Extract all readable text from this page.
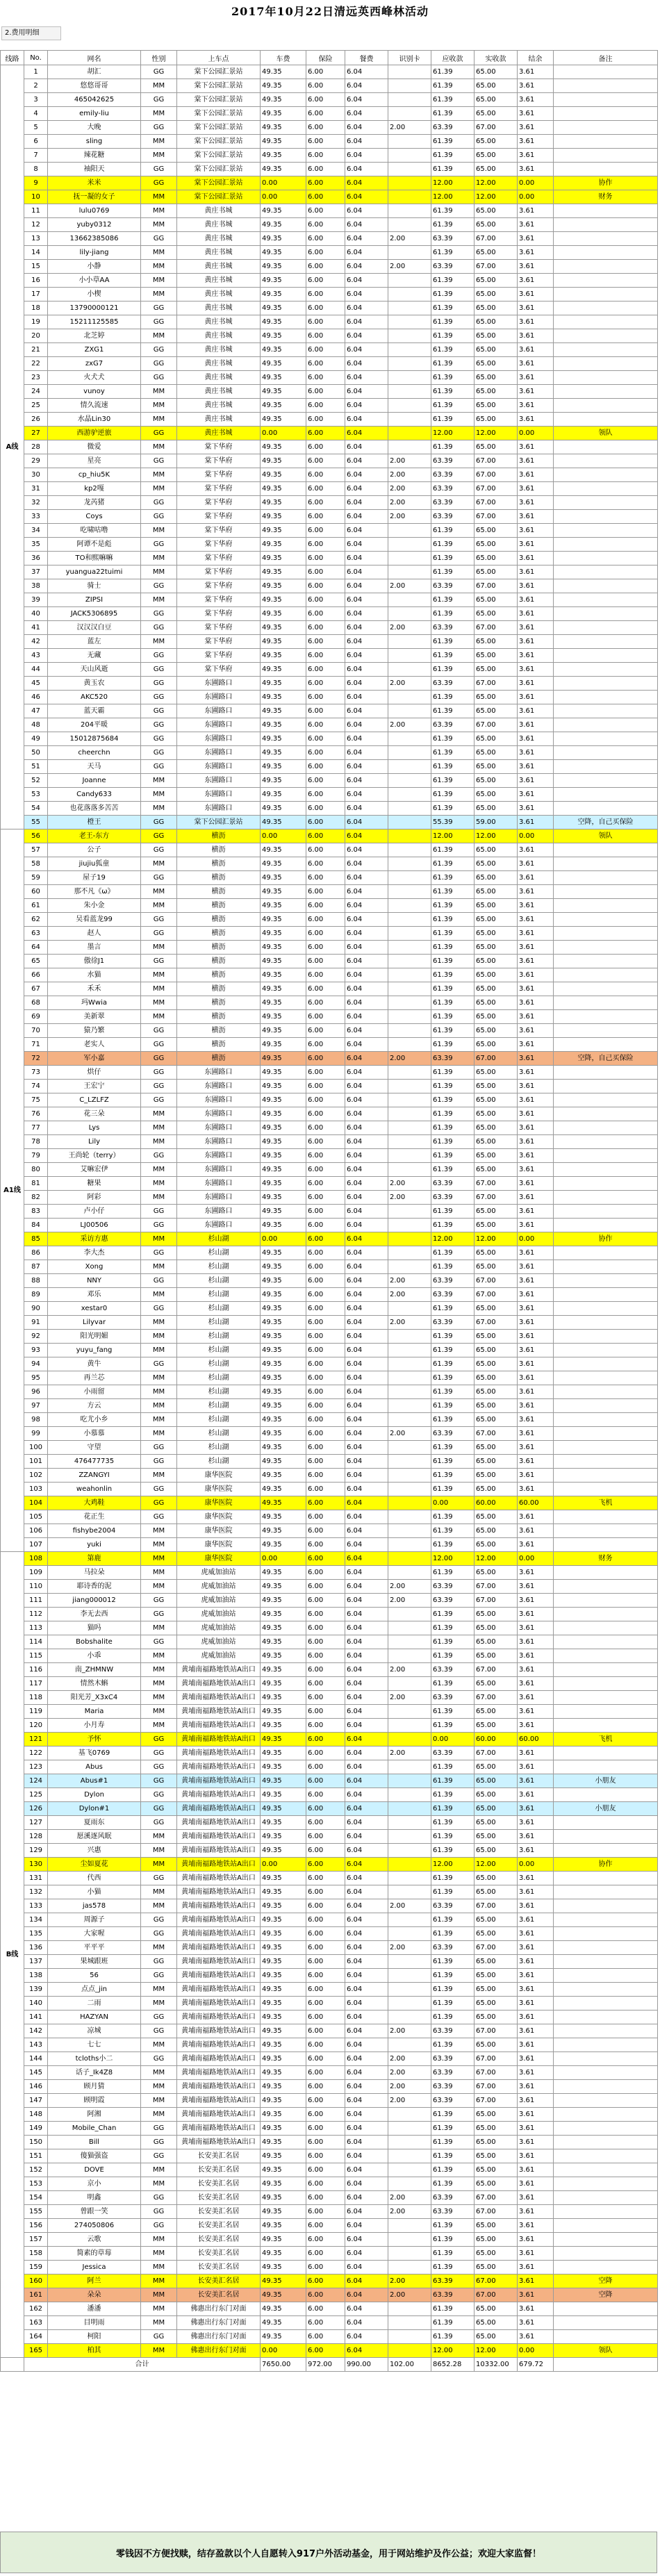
2017年10月22日清远英西峰林活动
2.费用明细
线路	No.	网名	性别	上车点	车费	保险	餐费	识别卡	应收款	实收款	结余	备注
A线	1	胡汇	GG	棠下公园汇景站	49.35	6.00	6.04		61.39	65.00	3.61	
	2	悠悠哥哥	MM	棠下公园汇景站	49.35	6.00	6.04		61.39	65.00	3.61	
	3	465042625	GG	棠下公园汇景站	49.35	6.00	6.04		61.39	65.00	3.61	
	4	emily-liu	MM	棠下公园汇景站	49.35	6.00	6.04		61.39	65.00	3.61	
	5	大晚	GG	棠下公园汇景站	49.35	6.00	6.04	2.00	63.39	67.00	3.61	
	6	sling	MM	棠下公园汇景站	49.35	6.00	6.04		61.39	65.00	3.61	
	7	辣花糖	MM	棠下公园汇景站	49.35	6.00	6.04		61.39	65.00	3.61	
	8	袖阳天	GG	棠下公园汇景站	49.35	6.00	6.04		61.39	65.00	3.61	
	9	米米	GG	棠下公园汇景站	0.00	6.00	6.04		12.00	12.00	0.00	协作
	10	抚一凝的女子	MM	棠下公园汇景站	0.00	6.00	6.04		12.00	12.00	0.00	财务
	11	lulu0769	MM	黄庄书城	49.35	6.00	6.04		61.39	65.00	3.61	
	12	yuby0312	MM	黄庄书城	49.35	6.00	6.04		61.39	65.00	3.61	
	13	13662385086	GG	黄庄书城	49.35	6.00	6.04	2.00	63.39	67.00	3.61	
	14	lily-jiang	MM	黄庄书城	49.35	6.00	6.04		61.39	65.00	3.61	
	15	小静	MM	黄庄书城	49.35	6.00	6.04	2.00	63.39	67.00	3.61	
	16	小小草AA	MM	黄庄书城	49.35	6.00	6.04		61.39	65.00	3.61	
	17	小楔	MM	黄庄书城	49.35	6.00	6.04		61.39	65.00	3.61	
	18	13790000121	GG	黄庄书城	49.35	6.00	6.04		61.39	65.00	3.61	
	19	15211125585	GG	黄庄书城	49.35	6.00	6.04		61.39	65.00	3.61	
	20	北芝婷	MM	黄庄书城	49.35	6.00	6.04		61.39	65.00	3.61	
	21	ZXG1	GG	黄庄书城	49.35	6.00	6.04		61.39	65.00	3.61	
	22	zxG7	GG	黄庄书城	49.35	6.00	6.04		61.39	65.00	3.61	
	23	火犬犬	GG	黄庄书城	49.35	6.00	6.04		61.39	65.00	3.61	
	24	vunoy	MM	黄庄书城	49.35	6.00	6.04		61.39	65.00	3.61	
	25	情久流速	MM	黄庄书城	49.35	6.00	6.04		61.39	65.00	3.61	
	26	水晶Lin30	MM	黄庄书城	49.35	6.00	6.04		61.39	65.00	3.61	
	27	西游驴逆旅	GG	黄庄书城	0.00	6.00	6.04		12.00	12.00	0.00	领队
	28	微爱	MM	棠下华府	49.35	6.00	6.04		61.39	65.00	3.61	
	29	星亮	GG	棠下华府	49.35	6.00	6.04	2.00	63.39	67.00	3.61	
	30	cp_hiu5K	MM	棠下华府	49.35	6.00	6.04	2.00	63.39	67.00	3.61	
	31	kp2嘎	MM	棠下华府	49.35	6.00	6.04	2.00	63.39	67.00	3.61	
	32	龙芮猪	GG	棠下华府	49.35	6.00	6.04	2.00	63.39	67.00	3.61	
	33	Coys	GG	棠下华府	49.35	6.00	6.04	2.00	63.39	67.00	3.61	
	34	吃啸咕噜	MM	棠下华府	49.35	6.00	6.04		61.39	65.00	3.61	
	35	阿谭不是彪	GG	棠下华府	49.35	6.00	6.04		61.39	65.00	3.61	
	36	TO和熙嘛嘛	MM	棠下华府	49.35	6.00	6.04		61.39	65.00	3.61	
	37	yuangua22tuimi	MM	棠下华府	49.35	6.00	6.04		61.39	65.00	3.61	
	38	骑士	GG	棠下华府	49.35	6.00	6.04	2.00	63.39	67.00	3.61	
	39	ZIPSI	MM	棠下华府	49.35	6.00	6.04		61.39	65.00	3.61	
	40	JACK5306895	GG	棠下华府	49.35	6.00	6.04		61.39	65.00	3.61	
	41	汉汉汉白豆	GG	棠下华府	49.35	6.00	6.04	2.00	63.39	67.00	3.61	
	42	蓝左	MM	棠下华府	49.35	6.00	6.04		61.39	65.00	3.61	
	43	无藏	GG	棠下华府	49.35	6.00	6.04		61.39	65.00	3.61	
	44	天山风逝	GG	棠下华府	49.35	6.00	6.04		61.39	65.00	3.61	
	45	黄玉农	GG	东圃路口	49.35	6.00	6.04	2.00	63.39	67.00	3.61	
	46	AKC520	GG	东圃路口	49.35	6.00	6.04		61.39	65.00	3.61	
	47	蓝天霸	GG	东圃路口	49.35	6.00	6.04		61.39	65.00	3.61	
	48	204平暖	GG	东圃路口	49.35	6.00	6.04	2.00	63.39	67.00	3.61	
	49	15012875684	GG	东圃路口	49.35	6.00	6.04		61.39	65.00	3.61	
	50	cheerchn	GG	东圃路口	49.35	6.00	6.04		61.39	65.00	3.61	
	51	天马	GG	东圃路口	49.35	6.00	6.04		61.39	65.00	3.61	
	52	Joanne	MM	东圃路口	49.35	6.00	6.04		61.39	65.00	3.61	
	53	Candy633	MM	东圃路口	49.35	6.00	6.04		61.39	65.00	3.61	
	54	也花落落多苦苦	MM	东圃路口	49.35	6.00	6.04		61.39	65.00	3.61	
	55	橙王	GG	棠下公园汇景站	49.35	6.00	6.04		55.39	59.00	3.61	空降，自己买保险
A1线	56	老王-东方	GG	横沥	0.00	6.00	6.04		12.00	12.00	0.00	领队
	57	公子	GG	横沥	49.35	6.00	6.04		61.39	65.00	3.61	
	58	jiujiu狐童	MM	横沥	49.35	6.00	6.04		61.39	65.00	3.61	
	59	屋子19	GG	横沥	49.35	6.00	6.04		61.39	65.00	3.61	
	60	那不凡《ω》	MM	横沥	49.35	6.00	6.04		61.39	65.00	3.61	
	61	朱小金	MM	横沥	49.35	6.00	6.04		61.39	65.00	3.61	
	62	吴看蓝龙99	GG	横沥	49.35	6.00	6.04		61.39	65.00	3.61	
	63	赵人	GG	横沥	49.35	6.00	6.04		61.39	65.00	3.61	
	64	墨言	MM	横沥	49.35	6.00	6.04		61.39	65.00	3.61	
	65	傲徐J1	GG	横沥	49.35	6.00	6.04		61.39	65.00	3.61	
	66	水猫	MM	横沥	49.35	6.00	6.04		61.39	65.00	3.61	
	67	禾禾	MM	横沥	49.35	6.00	6.04		61.39	65.00	3.61	
	68	玛Wwia	MM	横沥	49.35	6.00	6.04		61.39	65.00	3.61	
	69	美新翠	MM	横沥	49.35	6.00	6.04		61.39	65.00	3.61	
	70	猿乃繁	GG	横沥	49.35	6.00	6.04		61.39	65.00	3.61	
	71	老实人	GG	横沥	49.35	6.00	6.04		61.39	65.00	3.61	
	72	军小嘉	GG	横沥	49.35	6.00	6.04	2.00	63.39	67.00	3.61	空降，自己买保险
	73	烘仔	GG	东圃路口	49.35	6.00	6.04		61.39	65.00	3.61	
	74	王宏宁	GG	东圃路口	49.35	6.00	6.04		61.39	65.00	3.61	
	75	C_LZLFZ	GG	东圃路口	49.35	6.00	6.04		61.39	65.00	3.61	
	76	花三朵	MM	东圃路口	49.35	6.00	6.04		61.39	65.00	3.61	
	77	Lys	MM	东圃路口	49.35	6.00	6.04		61.39	65.00	3.61	
	78	Lily	MM	东圃路口	49.35	6.00	6.04		61.39	65.00	3.61	
	79	王尚轮（terry）	GG	东圃路口	49.35	6.00	6.04		61.39	65.00	3.61	
	80	艾嘛宏伊	MM	东圃路口	49.35	6.00	6.04		61.39	65.00	3.61	
	81	糖果	MM	东圃路口	49.35	6.00	6.04	2.00	63.39	67.00	3.61	
	82	阿彩	MM	东圃路口	49.35	6.00	6.04	2.00	63.39	67.00	3.61	
	83	卢小仔	GG	东圃路口	49.35	6.00	6.04		61.39	65.00	3.61	
	84	LJ00506	GG	东圃路口	49.35	6.00	6.04		61.39	65.00	3.61	
	85	采访方惠	MM	杉山湖	0.00	6.00	6.04		12.00	12.00	0.00	协作
	86	李大杰	GG	杉山湖	49.35	6.00	6.04		61.39	65.00	3.61	
	87	Xong	MM	杉山湖	49.35	6.00	6.04		61.39	65.00	3.61	
	88	NNY	GG	杉山湖	49.35	6.00	6.04	2.00	63.39	67.00	3.61	
	89	邓乐	MM	杉山湖	49.35	6.00	6.04	2.00	63.39	67.00	3.61	
	90	xestar0	GG	杉山湖	49.35	6.00	6.04		61.39	65.00	3.61	
	91	Lilyvar	MM	杉山湖	49.35	6.00	6.04	2.00	63.39	67.00	3.61	
	92	阳光明媚	MM	杉山湖	49.35	6.00	6.04		61.39	65.00	3.61	
	93	yuyu_fang	MM	杉山湖	49.35	6.00	6.04		61.39	65.00	3.61	
	94	黄牛	GG	杉山湖	49.35	6.00	6.04		61.39	65.00	3.61	
	95	再兰芯	MM	杉山湖	49.35	6.00	6.04		61.39	65.00	3.61	
	96	小雨留	MM	杉山湖	49.35	6.00	6.04		61.39	65.00	3.61	
	97	方云	MM	杉山湖	49.35	6.00	6.04		61.39	65.00	3.61	
	98	吃尤小乡	MM	杉山湖	49.35	6.00	6.04		61.39	65.00	3.61	
	99	小慕慕	MM	杉山湖	49.35	6.00	6.04	2.00	63.39	67.00	3.61	
	100	守望	GG	杉山湖	49.35	6.00	6.04		61.39	65.00	3.61	
	101	476477735	GG	杉山湖	49.35	6.00	6.04		61.39	65.00	3.61	
	102	ZZANGYI	MM	康华医院	49.35	6.00	6.04		61.39	65.00	3.61	
	103	weahonlin	GG	康华医院	49.35	6.00	6.04		61.39	65.00	3.61	
	104	大鸡鞋	GG	康华医院	49.35	6.00	6.04		0.00	60.00	60.00	飞机
	105	花正生	GG	康华医院	49.35	6.00	6.04		61.39	65.00	3.61	
	106	fishybe2004	MM	康华医院	49.35	6.00	6.04		61.39	65.00	3.61	
	107	yuki	MM	康华医院	49.35	6.00	6.04		61.39	65.00	3.61	
B线	108	第鹿	MM	康华医院	0.00	6.00	6.04		12.00	12.00	0.00	财务
	109	马拉朵	MM	虎威加油站	49.35	6.00	6.04		61.39	65.00	3.61	
	110	耶诗香的泥	MM	虎威加油站	49.35	6.00	6.04	2.00	63.39	67.00	3.61	
	111	jiang000012	GG	虎威加油站	49.35	6.00	6.04	2.00	63.39	67.00	3.61	
	112	李无去西	GG	虎威加油站	49.35	6.00	6.04		61.39	65.00	3.61	
	113	猫吗	MM	虎威加油站	49.35	6.00	6.04		61.39	65.00	3.61	
	114	Bobshalite	GG	虎威加油站	49.35	6.00	6.04		61.39	65.00	3.61	
	115	小乖	MM	虎威加油站	49.35	6.00	6.04		61.39	65.00	3.61	
	116	南_ZHMNW	MM	黄埔南福路地铁站A出口	49.35	6.00	6.04	2.00	63.39	67.00	3.61	
	117	情然木蝌	MM	黄埔南福路地铁站A出口	49.35	6.00	6.04		61.39	65.00	3.61	
	118	阳光芳_X3xC4	MM	黄埔南福路地铁站A出口	49.35	6.00	6.04	2.00	63.39	67.00	3.61	
	119	Maria	MM	黄埔南福路地铁站A出口	49.35	6.00	6.04		61.39	65.00	3.61	
	120	小月寿	MM	黄埔南福路地铁站A出口	49.35	6.00	6.04		61.39	65.00	3.61	
	121	予怀	GG	黄埔南福路地铁站A出口	49.35	6.00	6.04		0.00	60.00	60.00	飞机
	122	基飞0769	GG	黄埔南福路地铁站A出口	49.35	6.00	6.04	2.00	63.39	67.00	3.61	
	123	Abus	GG	黄埔南福路地铁站A出口	49.35	6.00	6.04		61.39	65.00	3.61	
	124	Abus#1	GG	黄埔南福路地铁站A出口	49.35	6.00	6.04		61.39	65.00	3.61	小朋友
	125	Dylon	GG	黄埔南福路地铁站A出口	49.35	6.00	6.04		61.39	65.00	3.61	
	126	Dylon#1	GG	黄埔南福路地铁站A出口	49.35	6.00	6.04		61.39	65.00	3.61	小朋友
	127	夏雨东	GG	黄埔南福路地铁站A出口	49.35	6.00	6.04		61.39	65.00	3.61	
	128	愿溪逐风眠	MM	黄埔南福路地铁站A出口	49.35	6.00	6.04		61.39	65.00	3.61	
	129	兴惠	MM	黄埔南福路地铁站A出口	49.35	6.00	6.04		61.39	65.00	3.61	
	130	尘如夏花	MM	黄埔南福路地铁站A出口	0.00	6.00	6.04		12.00	12.00	0.00	协作
	131	代西	GG	黄埔南福路地铁站A出口	49.35	6.00	6.04		61.39	65.00	3.61	
	132	小猫	MM	黄埔南福路地铁站A出口	49.35	6.00	6.04		61.39	65.00	3.61	
	133	jas578	MM	黄埔南福路地铁站A出口	49.35	6.00	6.04	2.00	63.39	67.00	3.61	
	134	周源子	GG	黄埔南福路地铁站A出口	49.35	6.00	6.04		61.39	65.00	3.61	
	135	大家喔	GG	黄埔南福路地铁站A出口	49.35	6.00	6.04		61.39	65.00	3.61	
	136	平平平	MM	黄埔南福路地铁站A出口	49.35	6.00	6.04	2.00	63.39	67.00	3.61	
	137	果城跟班	GG	黄埔南福路地铁站A出口	49.35	6.00	6.04		61.39	65.00	3.61	
	138	56	GG	黄埔南福路地铁站A出口	49.35	6.00	6.04		61.39	65.00	3.61	
	139	点点_jin	MM	黄埔南福路地铁站A出口	49.35	6.00	6.04		61.39	65.00	3.61	
	140	二雨	MM	黄埔南福路地铁站A出口	49.35	6.00	6.04		61.39	65.00	3.61	
	141	HAZYAN	GG	黄埔南福路地铁站A出口	49.35	6.00	6.04		61.39	65.00	3.61	
	142	凉城	GG	黄埔南福路地铁站A出口	49.35	6.00	6.04	2.00	63.39	67.00	3.61	
	143	七七	MM	黄埔南福路地铁站A出口	49.35	6.00	6.04		61.39	65.00	3.61	
	144	tcloths小二	GG	黄埔南福路地铁站A出口	49.35	6.00	6.04	2.00	63.39	67.00	3.61	
	145	话子_Ik4Z8	MM	黄埔南福路地铁站A出口	49.35	6.00	6.04	2.00	63.39	67.00	3.61	
	146	顾月猜	MM	黄埔南福路地铁站A出口	49.35	6.00	6.04	2.00	63.39	67.00	3.61	
	147	顾明霞	MM	黄埔南福路地铁站A出口	49.35	6.00	6.04	2.00	63.39	67.00	3.61	
	148	阿湘	MM	黄埔南福路地铁站A出口	49.35	6.00	6.04		61.39	65.00	3.61	
	149	Mobile_Chan	GG	黄埔南福路地铁站A出口	49.35	6.00	6.04		61.39	65.00	3.61	
	150	Bill	GG	黄埔南福路地铁站A出口	49.35	6.00	6.04		61.39	65.00	3.61	
	151	傻猫强盗	GG	长安美汇名居	49.35	6.00	6.04		61.39	65.00	3.61	
	152	DOVE	MM	长安美汇名居	49.35	6.00	6.04		61.39	65.00	3.61	
	153	京小	MM	长安美汇名居	49.35	6.00	6.04		61.39	65.00	3.61	
	154	明鑫	GG	长安美汇名居	49.35	6.00	6.04	2.00	63.39	67.00	3.61	
	155	曾跟一笑	GG	长安美汇名居	49.35	6.00	6.04	2.00	63.39	67.00	3.61	
	156	274050806	GG	长安美汇名居	49.35	6.00	6.04		61.39	65.00	3.61	
	157	云歌	MM	长安美汇名居	49.35	6.00	6.04		61.39	65.00	3.61	
	158	简素的草莓	MM	长安美汇名居	49.35	6.00	6.04		61.39	65.00	3.61	
	159	Jessica	MM	长安美汇名居	49.35	6.00	6.04		61.39	65.00	3.61	
	160	阿兰	MM	长安美汇名居	49.35	6.00	6.04	2.00	63.39	67.00	3.61	空降
	161	朵朵	MM	长安美汇名居	49.35	6.00	6.04	2.00	63.39	67.00	3.61	空降
	162	潘潘	MM	佛惠出行东门对面	49.35	6.00	6.04		61.39	65.00	3.61	
	163	目明雨	MM	佛惠出行东门对面	49.35	6.00	6.04		61.39	65.00	3.61	
	164	柯阳	GG	佛惠出行东门对面	49.35	6.00	6.04		61.39	65.00	3.61	
	165	柏其	MM	佛惠出行东门对面	0.00	6.00	6.04		12.00	12.00	0.00	领队
	合计				7650.00	972.00	990.00	102.00	8652.28	10332.00	679.72	
零钱因不方便找赎，结存盈款以个人自愿转入917户外活动基金，用于网站维护及作公益；欢迎大家监督！
